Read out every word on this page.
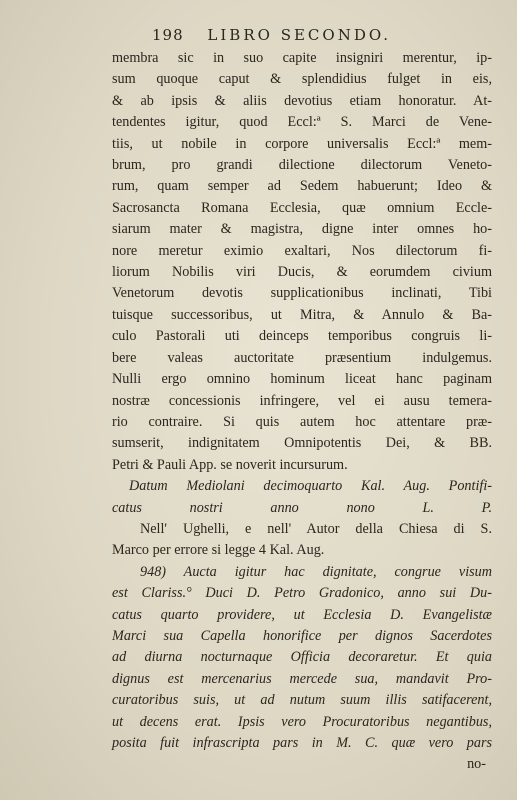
198 LIBRO SECONDO.
membra sic in suo capite insigniri merentur, ip-
sum quoque caput & splendidius fulget in eis,
& ab ipsis & aliis devotius etiam honoratur. At-
tendentes igitur, quod Eccl:ª S. Marci de Vene-
tiis, ut nobile in corpore universalis Eccl:ª mem-
brum, pro grandi dilectione dilectorum Veneto-
rum, quam semper ad Sedem habuerunt; Ideo &
Sacrosancta Romana Ecclesia, quæ omnium Eccle-
siarum mater & magistra, digne inter omnes ho-
nore meretur eximio exaltari, Nos dilectorum fi-
liorum Nobilis viri Ducis, & eorumdem civium
Venetorum devotis supplicationibus inclinati, Tibi
tuisque successoribus, ut Mitra, & Annulo & Ba-
culo Pastorali uti deinceps temporibus congruis li-
bere valeas auctoritate præsentium indulgemus.
Nulli ergo omnino hominum liceat hanc paginam
nostræ concessionis infringere, vel ei ausu temera-
rio contraire. Si quis autem hoc attentare præ-
sumserit, indignitatem Omnipotentis Dei, & BB.
Petri & Pauli App. se noverit incursurum.
Datum Mediolani decimoquarto Kal. Aug. Pontifi-
catus nostri anno nono L. P.
Nell' Ughelli, e nell' Autor della Chiesa di S.
Marco per errore si legge 4 Kal. Aug.
948) Aucta igitur hac dignitate, congrue visum
est Clariss.° Duci D. Petro Gradonico, anno sui Du-
catus quarto providere, ut Ecclesia D. Evangelistæ
Marci sua Capella honorifice per dignos Sacerdotes
ad diurna nocturnaque Officia decoraretur. Et quia
dignus est mercenarius mercede sua, mandavit Pro-
curatoribus suis, ut ad nutum suum illis satifacerent,
ut decens erat. Ipsis vero Procuratoribus negantibus,
posita fuit infrascripta pars in M. C. quæ vero pars
no-
